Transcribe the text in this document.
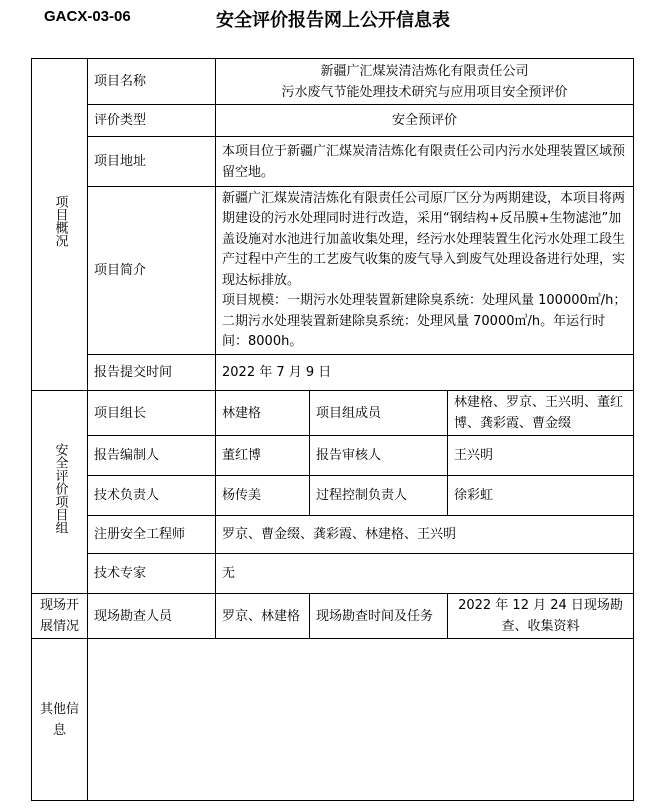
GACX-03-06	安全评价报告网上公开信息表
项目概况	项目名称	新疆广汇煤炭清洁炼化有限责任公司
污水废气节能处理技术研究与应用项目安全预评价		

	评价类型	安全预评价		
	项目地址	本项目位于新疆广汇煤炭清洁炼化有限责任公司内污水处理装置区域预留空地。		
	项目简介	新疆广汇煤炭清洁炼化有限责任公司原厂区分为两期建设，本项目将两期建设的污水处理同时进行改造，采用“钢结构+反吊膜+生物滤池”加盖设施对水池进行加盖收集处理，经污水处理装置生化污水处理工段生产过程中产生的工艺废气收集的废气导入到废气处理设备进行处理，实现达标排放。
项目规模：一期污水处理装置新建除臭系统：处理风量 100000㎥/h；二期污水处理装置新建除臭系统：处理风量 70000㎥/h。年运行时间：8000h。		

	报告提交时间	2022 年 7 月 9 日		
安全评价项目组	项目组长	林建格	项目组成员	林建格、罗京、王兴明、董红博、龚彩霞、曹金缀
	报告编制人	董红博	报告审核人	王兴明
	技术负责人	杨传美	过程控制负责人	徐彩虹
	注册安全工程师	罗京、曹金缀、龚彩霞、林建格、王兴明		
	技术专家	无		
现场开展情况	现场勘查人员	罗京、林建格	现场勘查时间及任务	2022 年 12 月 24 日现场勘查、收集资料
其他信息				
